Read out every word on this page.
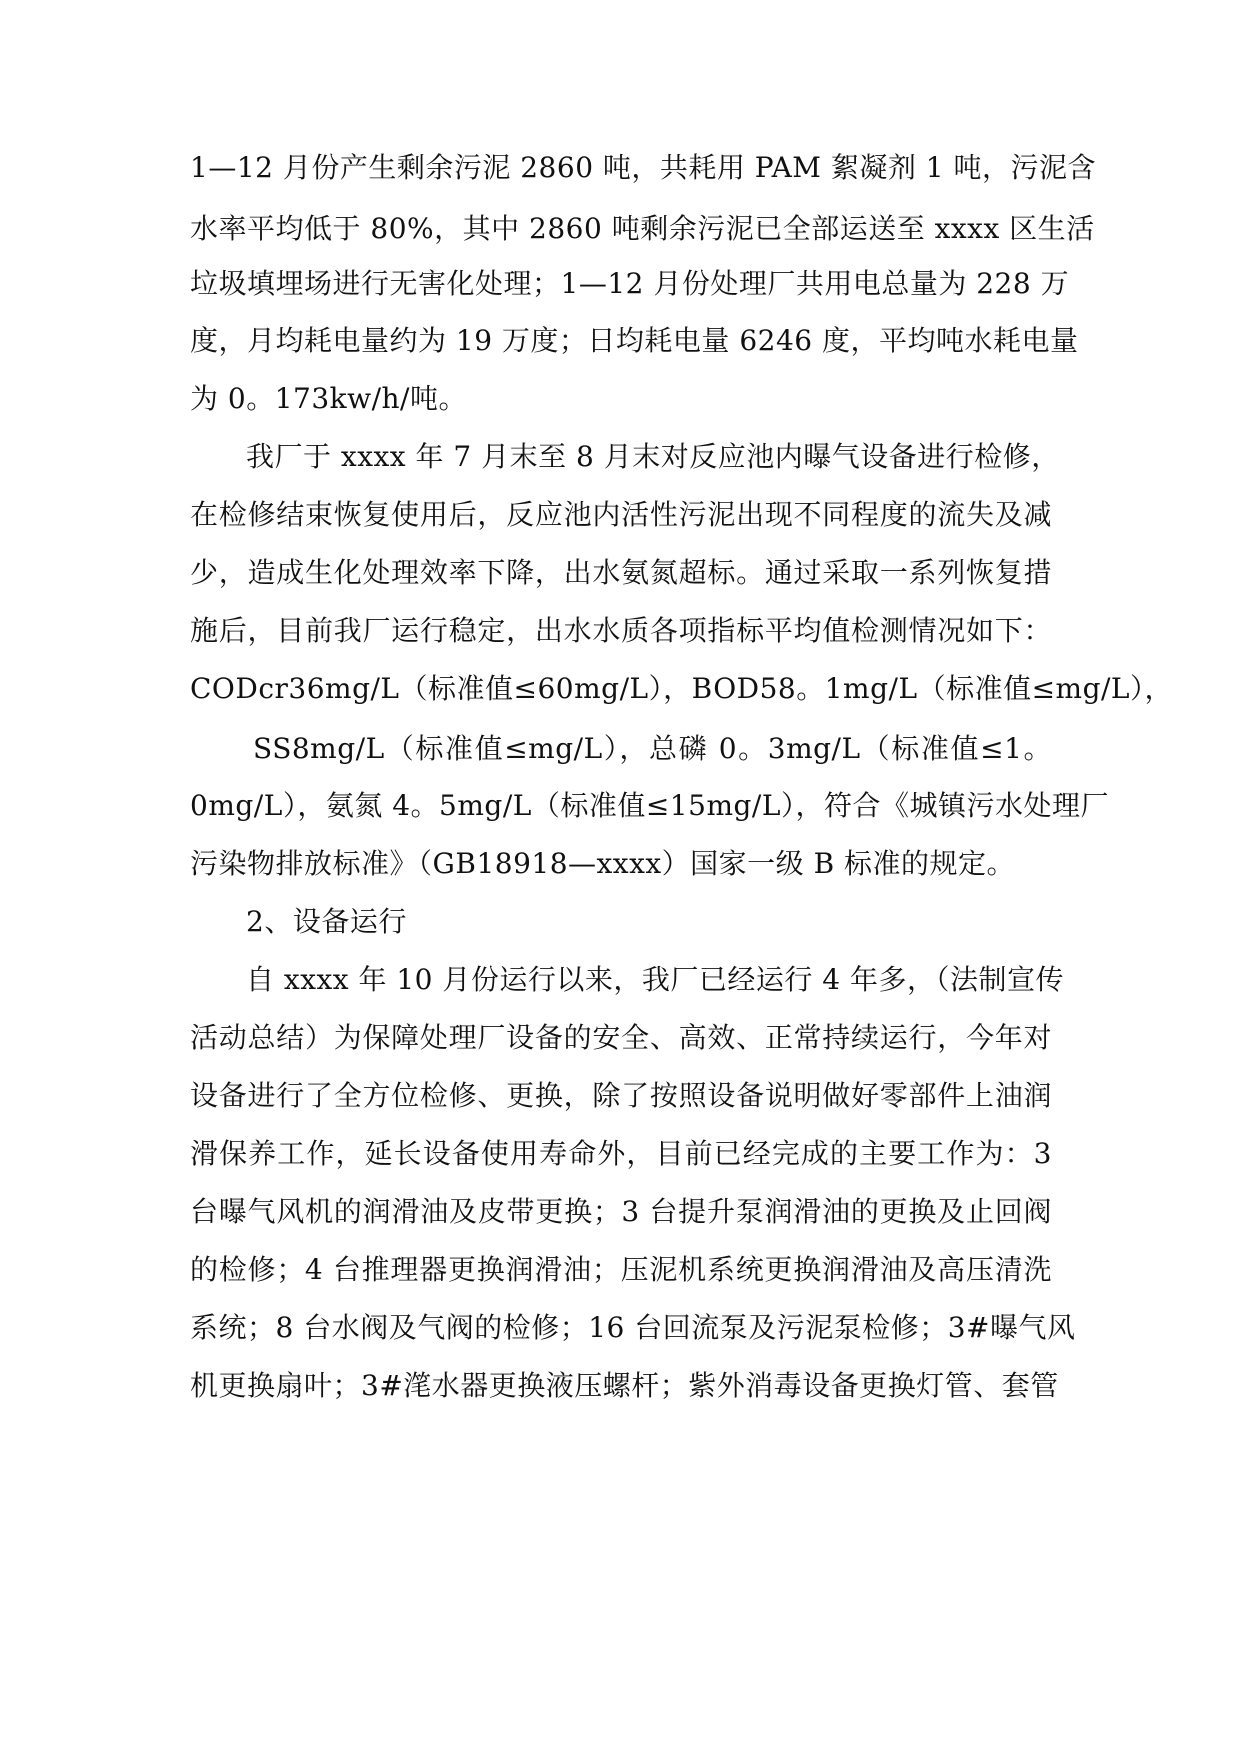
1—12 月份产生剩余污泥 2860 吨，共耗用 PAM 絮凝剂 1 吨，污泥含
水率平均低于 80%，其中 2860 吨剩余污泥已全部运送至 xxxx 区生活
垃圾填埋场进行无害化处理；1—12 月份处理厂共用电总量为 228 万
度，月均耗电量约为 19 万度；日均耗电量 6246 度，平均吨水耗电量
为 0。173kw/h/吨。
我厂于 xxxx 年 7 月末至 8 月末对反应池内曝气设备进行检修，
在检修结束恢复使用后，反应池内活性污泥出现不同程度的流失及减
少，造成生化处理效率下降，出水氨氮超标。通过采取一系列恢复措
施后，目前我厂运行稳定，出水水质各项指标平均值检测情况如下：
CODcr36mg/L（标准值≤60mg/L），BOD58。1mg/L（标准值≤mg/L），
SS8mg/L（标准值≤mg/L），总磷 0。3mg/L（标准值≤1。
0mg/L），氨氮 4。5mg/L（标准值≤15mg/L），符合《城镇污水处理厂
污染物排放标准》（GB18918—xxxx）国家一级 B 标准的规定。
2、设备运行
自 xxxx 年 10 月份运行以来，我厂已经运行 4 年多，（法制宣传
活动总结）为保障处理厂设备的安全、高效、正常持续运行，今年对
设备进行了全方位检修、更换，除了按照设备说明做好零部件上油润
滑保养工作，延长设备使用寿命外，目前已经完成的主要工作为：3
台曝气风机的润滑油及皮带更换；3 台提升泵润滑油的更换及止回阀
的检修；4 台推理器更换润滑油；压泥机系统更换润滑油及高压清洗
系统；8 台水阀及气阀的检修；16 台回流泵及污泥泵检修；3#曝气风
机更换扇叶；3#滗水器更换液压螺杆；紫外消毒设备更换灯管、套管
